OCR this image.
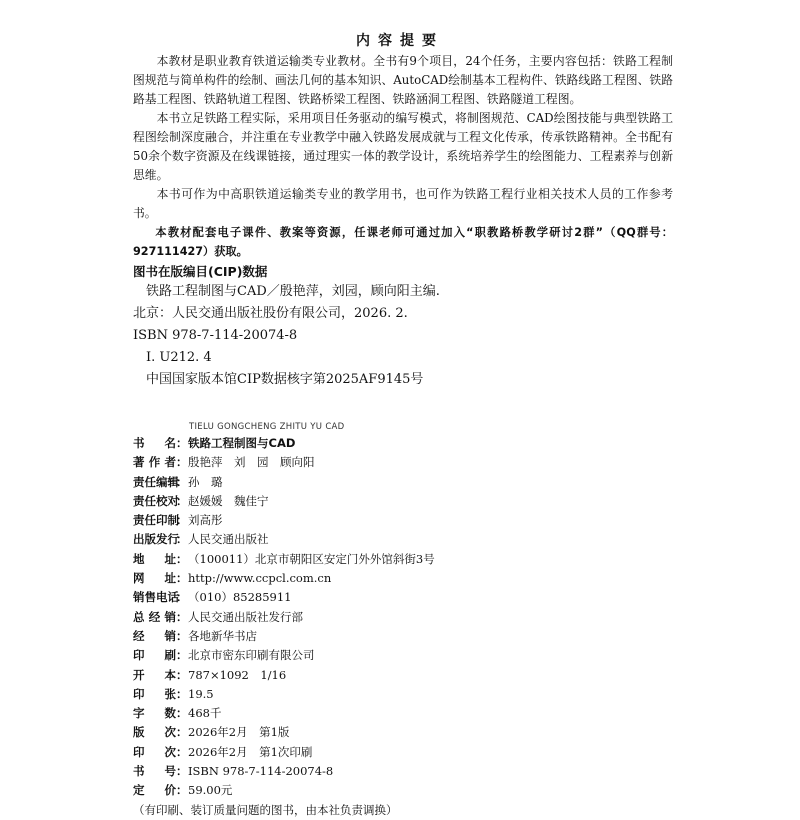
内容提要

本教材是职业教育铁道运输类专业教材。全书有9个项目，24个任务，主要内容包括：铁路工程制图规范与简单构件的绘制、画法几何的基本知识、AutoCAD绘制基本工程构件、铁路线路工程图、铁路路基工程图、铁路轨道工程图、铁路桥梁工程图、铁路涵洞工程图、铁路隧道工程图。

本书立足铁路工程实际，采用项目任务驱动的编写模式，将制图规范、CAD绘图技能与典型铁路工程图绘制深度融合，并注重在专业教学中融入铁路发展成就与工程文化传承，传承铁路精神。全书配有50余个数字资源及在线课链接，通过理实一体的教学设计，系统培养学生的绘图能力、工程素养与创新思维。

本书可作为中高职铁道运输类专业的教学用书，也可作为铁路工程行业相关技术人员的工作参考书。

本教材配套电子课件、教案等资源，任课老师可通过加入“职教路桥教学研讨2群”（QQ群号：927111427）获取。

图书在版编目(CIP)数据
铁路工程制图与CAD／殷艳萍，刘园，顾向阳主编.
北京：人民交通出版社股份有限公司，2026. 2.
ISBN 978-7-114-20074-8
Ⅰ. U212. 4
中国国家版本馆CIP数据核字第2025AF9145号
TIELU GONGCHENG ZHITU YU CAD
书名 ： 铁路工程制图与CAD
著作者 ： 殷艳萍　刘　园　顾向阳
责任编辑
： 孙　璐
责任校对
： 赵媛媛　魏佳宁
责任印制
： 刘高彤
出版发行
： 人民交通出版社
地址 ： （100011）北京市朝阳区安定门外外馆斜街3号
网址 ： http://www.ccpcl.com.cn
销售电话
： （010）85285911
总经销 ： 人民交通出版社发行部
经销 ： 各地新华书店
印刷 ： 北京市密东印刷有限公司
开本 ： 787×1092　1/16
印张 ： 19.5
字数 ： 468千
版次 ： 2026年2月　第1版
印次 ： 2026年2月　第1次印刷
书号 ： ISBN 978-7-114-20074-8
定价 ： 59.00元
（有印刷、装订质量问题的图书，由本社负责调换）
